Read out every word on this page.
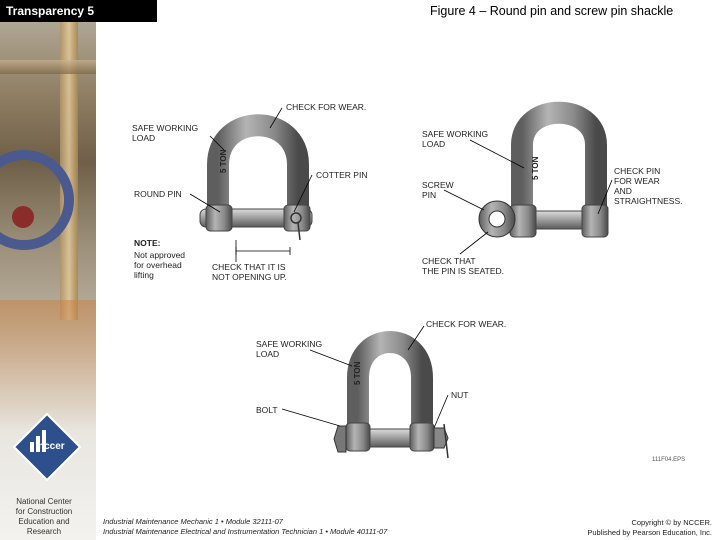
Transparency 5	Figure 4 – Round pin and screw pin shackle
nccer
National Center
for Construction
Education and
Research
5 TON	5 TON
5 TON
SAFE WORKING
LOAD
CHECK FOR WEAR.
COTTER PIN
ROUND PIN
NOTE:
Not approved
for overhead
lifting
CHECK THAT IT IS
NOT OPENING UP.
SAFE WORKING
LOAD
SCREW
PIN
CHECK PIN
FOR WEAR
AND
STRAIGHTNESS.
CHECK THAT
THE PIN IS SEATED.
SAFE WORKING
LOAD
CHECK FOR WEAR.
BOLT
NUT
111F04.EPS
Industrial Maintenance Mechanic 1 • Module 32111-07
Industrial Maintenance Electrical and Instrumentation Technician 1 • Module 40111-07
Copyright © by NCCER.
Published by Pearson Education, Inc.
